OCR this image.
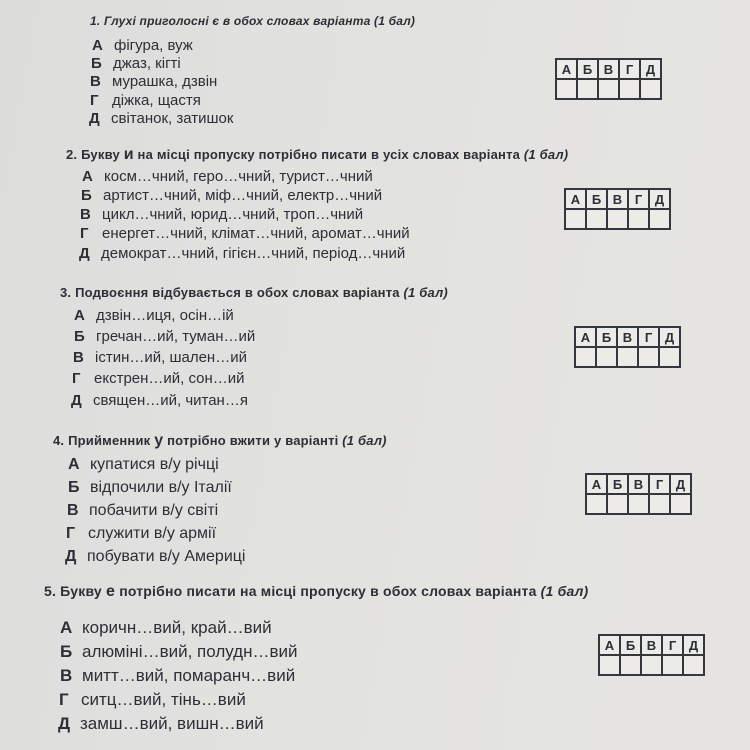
1. Глухі приголосні є в обох словах варіанта (1 бал)
А фігура, вуж
Б джаз, кігті
В мурашка, дзвін
Г діжка, щастя
Д світанок, затишок
А	Б	В	Г	Д

2. Букву и на місці пропуску потрібно писати в усіх словах варіанта (1 бал)
А косм…чний, геро…чний, турист…чний
Б артист…чний, міф…чний, електр…чний
В цикл…чний, юрид…чний, троп…чний
Г енергет…чний, клімат…чний, аромат…чний
Д демократ…чний, гігієн…чний, період…чний
А	Б	В	Г	Д

3. Подвоєння відбувається в обох словах варіанта (1 бал)
А дзвін…иця, осін…ій
Б гречан…ий, туман…ий
В істин…ий, шален…ий
Г екстрен…ий, сон…ий
Д священ…ий, читан…я
А	Б	В	Г	Д

4. Прийменник у потрібно вжити у варіанті (1 бал)
А купатися в/у річці
Б відпочили в/у Італії
В побачити в/у світі
Г служити в/у армії
Д побувати в/у Америці
А	Б	В	Г	Д

5. Букву е потрібно писати на місці пропуску в обох словах варіанта (1 бал)
А коричн…вий, край…вий
Б алюміні…вий, полудн…вий
В митт…вий, помаранч…вий
Г ситц…вий, тінь…вий
Д замш…вий, вишн…вий
А	Б	В	Г	Д
